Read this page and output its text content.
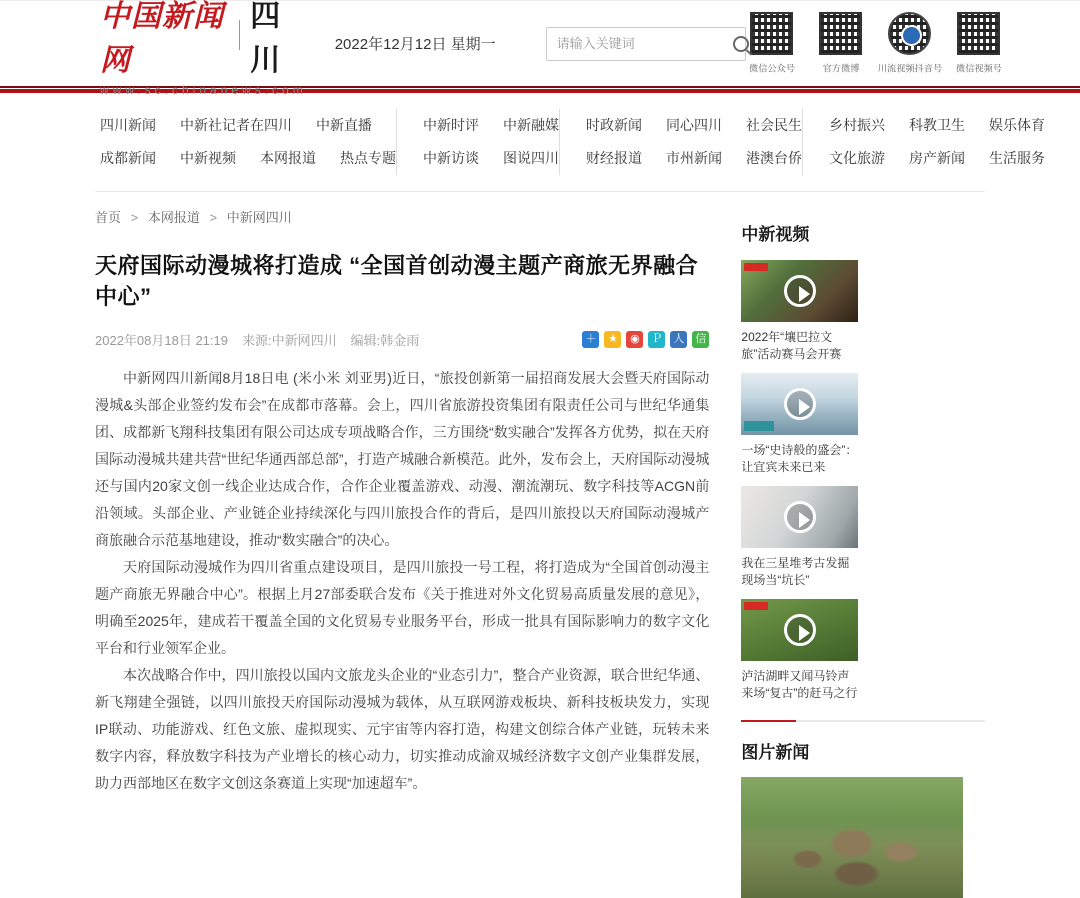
中国新闻网
四川
www.sc.chinanews.com
2022年12月12日 星期一
请输入关键词
微信公众号	官方微博 川流视频抖音号 微信视频号
四川新闻 中新社记者在四川 中新直播
成都新闻 中新视频 本网报道 热点专题
中新时评 中新融媒
中新访谈 图说四川
时政新闻 同心四川 社会民生
财经报道 市州新闻 港澳台侨
乡村振兴 科教卫生 娱乐体育
文化旅游 房产新闻 生活服务
首页 > 本网报道 > 中新网四川
天府国际动漫城将打造成 “全国首创动漫主题产商旅无界融合中心”
2022年08月18日 21:19 来源:中新网四川 编辑:韩金雨	＋	★	◉	Ｐ 人 信

中新网四川新闻8月18日电 (米小米 刘亚男)近日，“旅投创新第一届招商发展大会暨天府国际动漫城&头部企业签约发布会”在成都市落幕。会上，四川省旅游投资集团有限责任公司与世纪华通集团、成都新飞翔科技集团有限公司达成专项战略合作，三方围绕“数实融合”发挥各方优势，拟在天府国际动漫城共建共营“世纪华通西部总部”，打造产城融合新模范。此外，发布会上，天府国际动漫城还与国内20家文创一线企业达成合作，合作企业覆盖游戏、动漫、潮流潮玩、数字科技等ACGN前沿领域。头部企业、产业链企业持续深化与四川旅投合作的背后，是四川旅投以天府国际动漫城产商旅融合示范基地建设，推动“数实融合”的决心。

天府国际动漫城作为四川省重点建设项目，是四川旅投一号工程，将打造成为“全国首创动漫主题产商旅无界融合中心”。根据上月27部委联合发布《关于推进对外文化贸易高质量发展的意见》，明确至2025年，建成若干覆盖全国的文化贸易专业服务平台，形成一批具有国际影响力的数字文化平台和行业领军企业。

本次战略合作中，四川旅投以国内文旅龙头企业的“业态引力”，整合产业资源，联合世纪华通、新飞翔建全强链，以四川旅投天府国际动漫城为载体，从互联网游戏板块、新科技板块发力，实现IP联动、功能游戏、红色文旅、虚拟现实、元宇宙等内容打造，构建文创综合体产业链，玩转未来数字内容，释放数字科技为产业增长的核心动力，切实推动成渝双城经济数字文创产业集群发展，助力西部地区在数字文创这条赛道上实现“加速超车”。

中新视频
2022年“壤巴拉文旅”活动赛马会开赛
一场“史诗般的盛会”：让宜宾未来已来
我在三星堆考古发掘现场当“坑长”
泸沽湖畔又闻马铃声 来场“复古”的赶马之行
图片新闻
